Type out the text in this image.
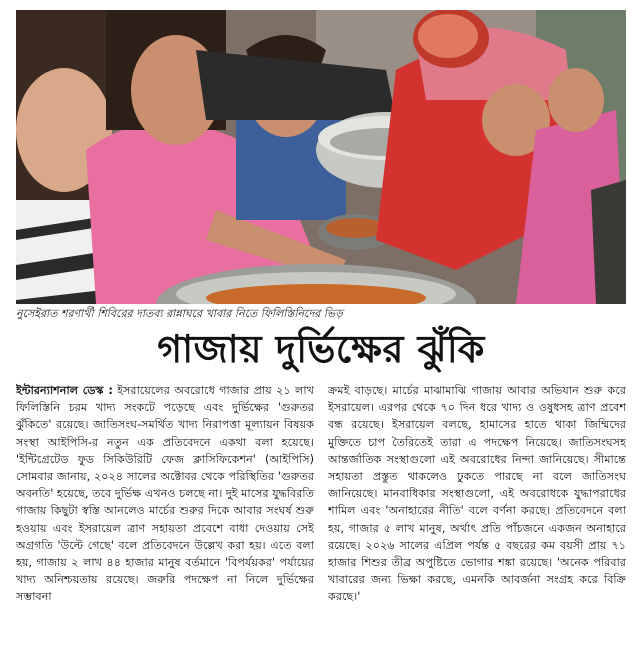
নুসেইরাত শরণার্থী শিবিরের দাতব্য রান্নাঘরে খাবার নিতে ফিলিস্তিনিদের ভিড়
গাজায় দুর্ভিক্ষের ঝুঁকি
ইন্টারন্যাশনাল ডেস্ক : ইসরায়েলের অবরোধে গাজার প্রায় ২১ লাখ ফিলিস্তিনি চরম খাদ্য সংকটে পড়েছে এবং দুর্ভিক্ষের 'গুরুতর ঝুঁকিতে' রয়েছে। জাতিসংঘ-সমর্থিত খাদ্য নিরাপত্তা মূল্যায়ন বিষয়ক সংস্থা আইপিসি-র নতুন এক প্রতিবেদনে একথা বলা হয়েছে। 'ইন্টিগ্রেটেড ফুড সিকিউরিটি ফেজ ক্লাসিফিকেশন' (আইপিসি) সোমবার জানায়, ২০২৪ সালের অক্টোবর থেকে পরিস্থিতির 'গুরুতর অবনতি' হয়েছে, তবে দুর্ভিক্ষ এখনও চলছে না। দুই মাসের যুদ্ধবিরতি গাজায় কিছুটা স্বস্তি আনলেও মার্চের শুরুর দিকে আবার সংঘর্ষ শুরু হওয়ায় এবং ইসরায়েল ত্রাণ সহায়তা প্রবেশে বাধা দেওয়ায় সেই অগ্রগতি 'উল্টে গেছে' বলে প্রতিবেদনে উল্লেখ করা হয়। এতে বলা হয়, গাজায় ২ লাখ ৪৪ হাজার মানুষ বর্তমানে 'বিপর্যয়কর' পর্যায়ের খাদ্য অনিশ্চয়তায় রয়েছে। জরুরি পদক্ষেপ না নিলে দুর্ভিক্ষের সম্ভাবনা
ক্রমই বাড়ছে। মার্চের মাঝামাঝি গাজায় আবার অভিযান শুরু করে ইসরায়েল। এরপর থেকে ৭০ দিন ধরে খাদ্য ও ওষুধসহ ত্রাণ প্রবেশ বন্ধ রয়েছে। ইসরায়েল বলছে, হামাসের হাতে থাকা জিম্মিদের মুক্তিতে চাপ তৈরিতেই তারা এ পদক্ষেপ নিয়েছে। জাতিসংঘসহ আন্তর্জাতিক সংস্থাগুলো এই অবরোধের নিন্দা জানিয়েছে। সীমান্তে সহায়তা প্রস্তুত থাকলেও ঢুকতে পারছে না বলে জাতিসংঘ জানিয়েছে। মানবাধিকার সংস্থাগুলো, এই অবরোধকে যুদ্ধাপরাধের শামিল এবং 'অনাহারের নীতি' বলে বর্ণনা করছে। প্রতিবেদনে বলা হয়, গাজার ৫ লাখ মানুষ, অর্থাৎ প্রতি পাঁচজনে একজন অনাহারে রয়েছে। ২০২৬ সালের এপ্রিল পর্যন্ত ৫ বছরের কম বয়সী প্রায় ৭১ হাজার শিশুর তীব্র অপুষ্টিতে ভোগার শঙ্কা রয়েছে। 'অনেক পরিবার খাবারের জন্য ভিক্ষা করছে, এমনকি আবর্জনা সংগ্রহ করে বিক্রি করছে।'
